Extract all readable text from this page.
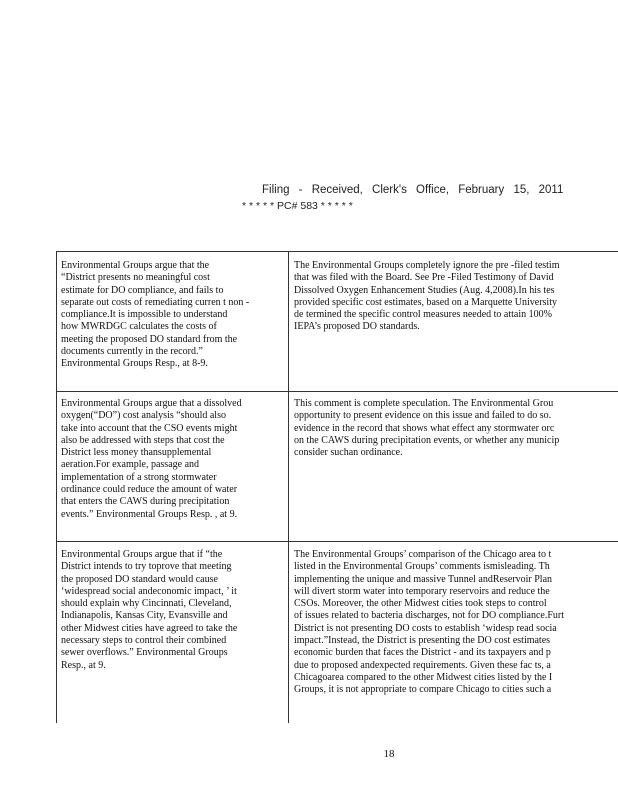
Filing - Received, Clerk's Office, February 15, 2011
* * * * * PC# 583 * * * * *
Environmental Groups argue that the
“District presents no meaningful cost
estimate for DO compliance, and fails to
separate out costs of remediating curren t non -
compliance.It is impossible to understand
how MWRDGC calculates the costs of
meeting the proposed DO standard from the
documents currently in the record.”
Environmental Groups Resp., at 8-9.
The Environmental Groups completely ignore the pre -filed testim
that was filed with the Board. See Pre -Filed Testimony of David
Dissolved Oxygen Enhancement Studies (Aug. 4,2008).In his tes
provided specific cost estimates, based on a Marquette University
de termined the specific control measures needed to attain 100%
IEPA’s proposed DO standards.
Environmental Groups argue that a dissolved
oxygen(“DO”) cost analysis “should also
take into account that the CSO events might
also be addressed with steps that cost the
District less money thansupplemental
aeration.For example, passage and
implementation of a strong stormwater
ordinance could reduce the amount of water
that enters the CAWS during precipitation
events.” Environmental Groups Resp. , at 9.
This comment is complete speculation. The Environmental Grou
opportunity to present evidence on this issue and failed to do so.
evidence in the record that shows what effect any stormwater orc
on the CAWS during precipitation events, or whether any municip
consider suchan ordinance.
Environmental Groups argue that if “the
District intends to try toprove that meeting
the proposed DO standard would cause
‘widespread social andeconomic impact, ’ it
should explain why Cincinnati, Cleveland,
Indianapolis, Kansas City, Evansville and
other Midwest cities have agreed to take the
necessary steps to control their combined
sewer overflows.” Environmental Groups
Resp., at 9.
The Environmental Groups’ comparison of the Chicago area to t
listed in the Environmental Groups’ comments ismisleading. Th
implementing the unique and massive Tunnel andReservoir Plan
will divert storm water into temporary reservoirs and reduce the
CSOs. Moreover, the other Midwest cities took steps to control
of issues related to bacteria discharges, not for DO compliance.Furt
District is not presenting DO costs to establish ‘widesp read socia
impact.”Instead, the District is presenting the DO cost estimates
economic burden that faces the District - and its taxpayers and p
due to proposed andexpected requirements. Given these fac ts, a
Chicagoarea compared to the other Midwest cities listed by the I
Groups, it is not appropriate to compare Chicago to cities such a
18
